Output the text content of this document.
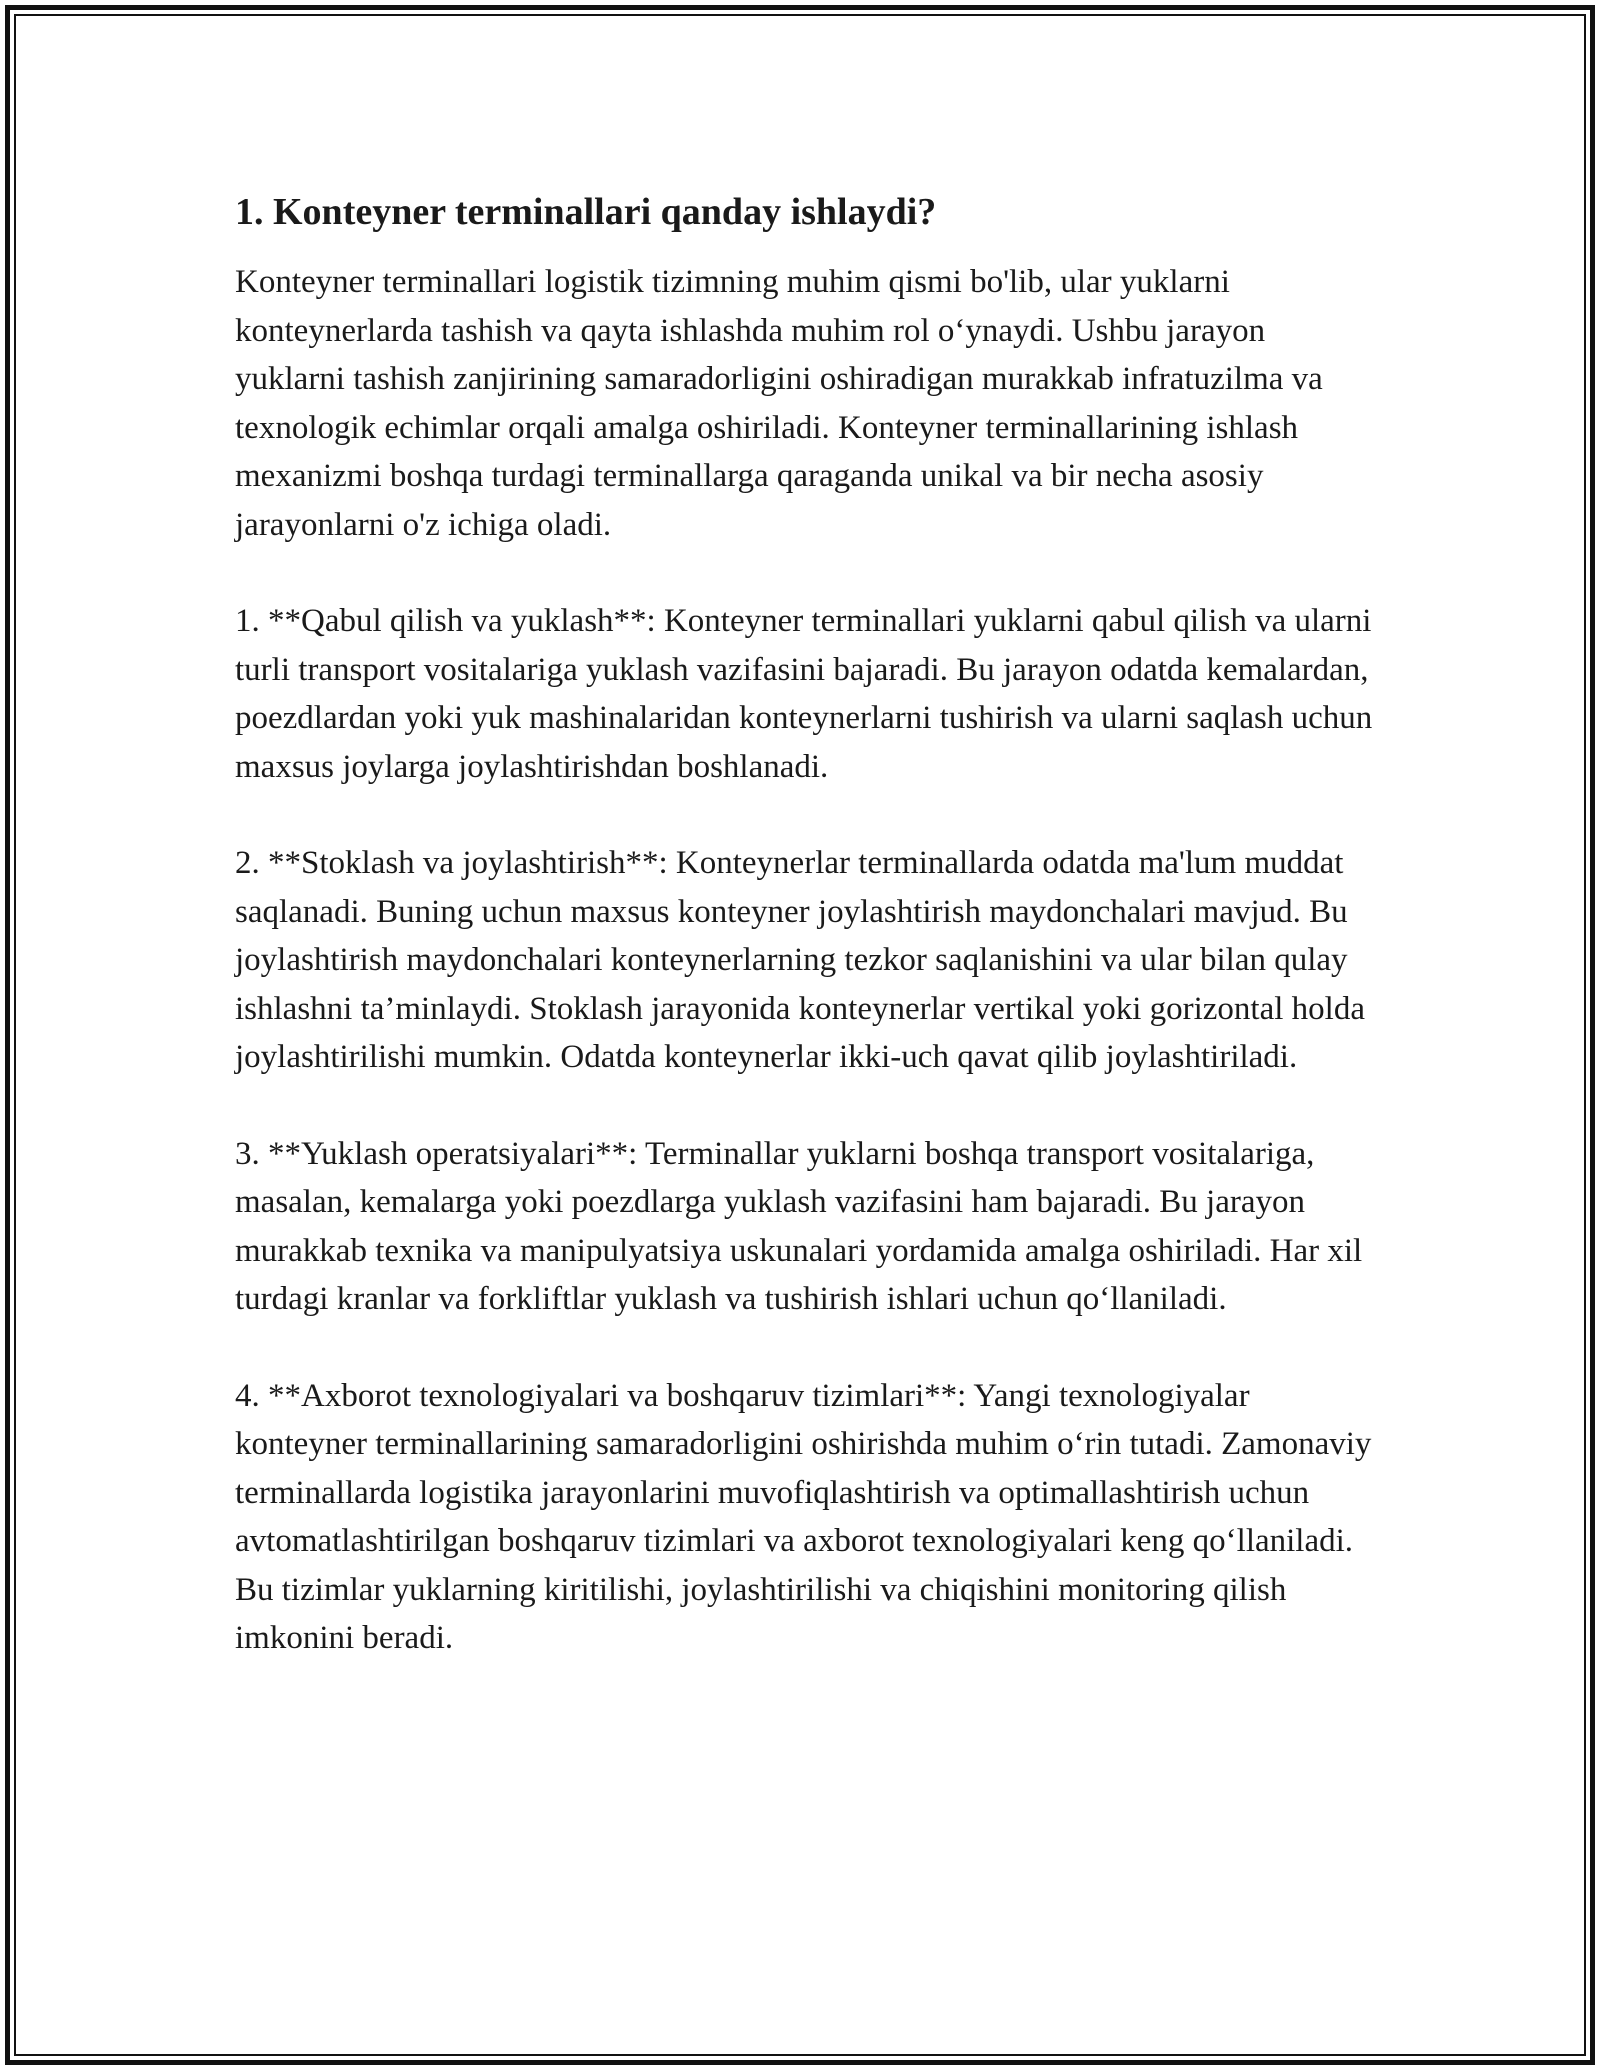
1. Konteyner terminallari qanday ishlaydi?

Konteyner terminallari logistik tizimning muhim qismi bo'lib, ular yuklarni konteynerlarda tashish va qayta ishlashda muhim rol o‘ynaydi. Ushbu jarayon yuklarni tashish zanjirining samaradorligini oshiradigan murakkab infratuzilma va texnologik echimlar orqali amalga oshiriladi. Konteyner terminallarining ishlash mexanizmi boshqa turdagi terminallarga qaraganda unikal va bir necha asosiy jarayonlarni o'z ichiga oladi.

1. **Qabul qilish va yuklash**: Konteyner terminallari yuklarni qabul qilish va ularni turli transport vositalariga yuklash vazifasini bajaradi. Bu jarayon odatda kemalardan, poezdlardan yoki yuk mashinalaridan konteynerlarni tushirish va ularni saqlash uchun maxsus joylarga joylashtirishdan boshlanadi.

2. **Stoklash va joylashtirish**: Konteynerlar terminallarda odatda ma'lum muddat saqlanadi. Buning uchun maxsus konteyner joylashtirish maydonchalari mavjud. Bu joylashtirish maydonchalari konteynerlarning tezkor saqlanishini va ular bilan qulay ishlashni ta’minlaydi. Stoklash jarayonida konteynerlar vertikal yoki gorizontal holda joylashtirilishi mumkin. Odatda konteynerlar ikki-uch qavat qilib joylashtiriladi.

3. **Yuklash operatsiyalari**: Terminallar yuklarni boshqa transport vositalariga, masalan, kemalarga yoki poezdlarga yuklash vazifasini ham bajaradi. Bu jarayon murakkab texnika va manipulyatsiya uskunalari yordamida amalga oshiriladi. Har xil turdagi kranlar va forkliftlar yuklash va tushirish ishlari uchun qo‘llaniladi.

4. **Axborot texnologiyalari va boshqaruv tizimlari**: Yangi texnologiyalar konteyner terminallarining samaradorligini oshirishda muhim o‘rin tutadi. Zamonaviy terminallarda logistika jarayonlarini muvofiqlashtirish va optimallashtirish uchun avtomatlashtirilgan boshqaruv tizimlari va axborot texnologiyalari keng qo‘llaniladi. Bu tizimlar yuklarning kiritilishi, joylashtirilishi va chiqishini monitoring qilish imkonini beradi.
